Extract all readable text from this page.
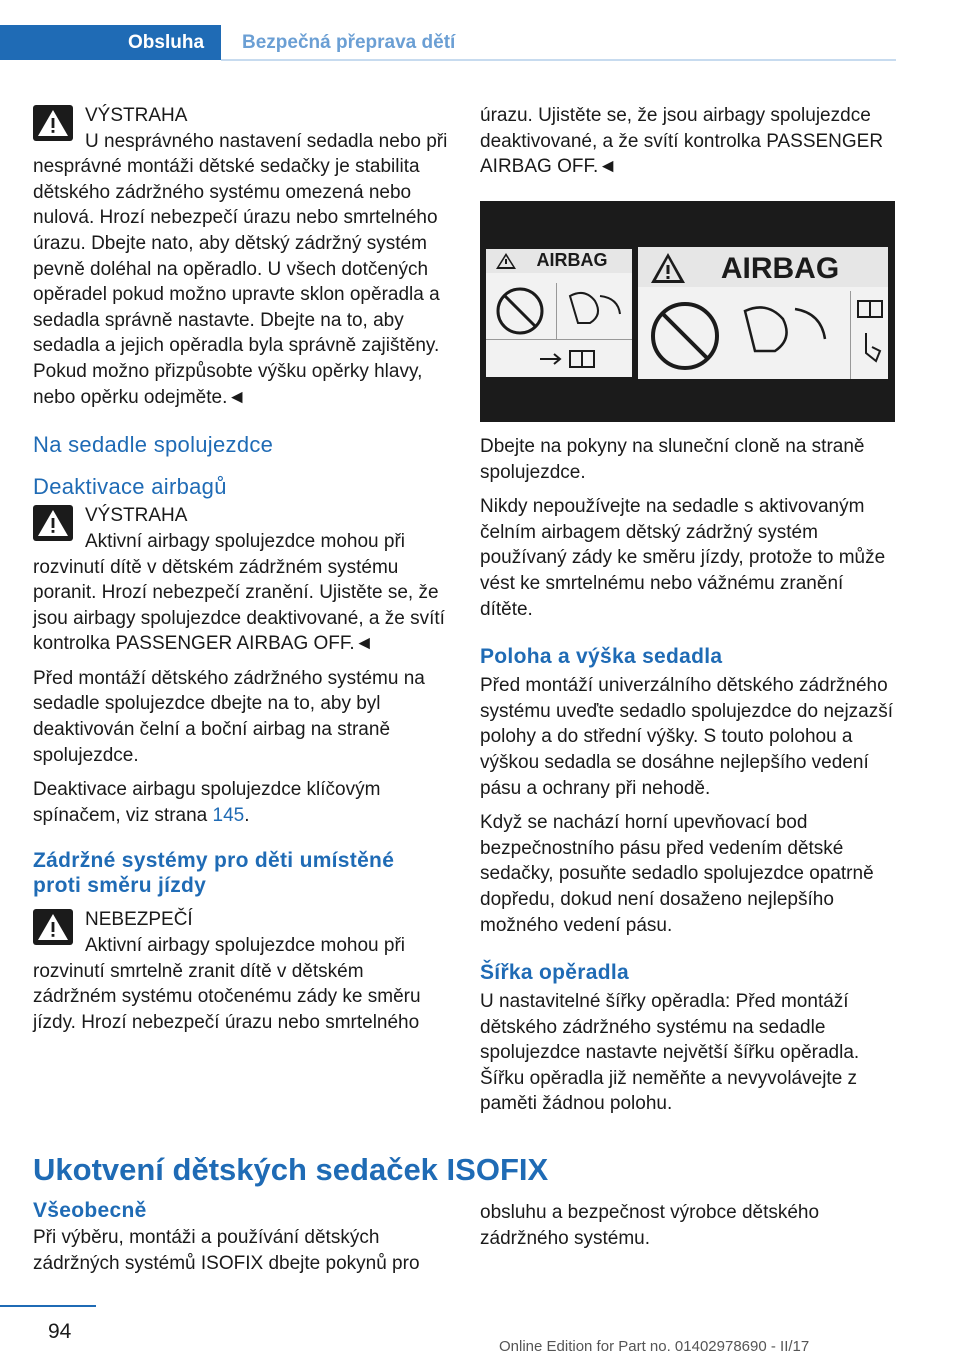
Obsluha	Bezpečná přeprava dětí
VÝSTRAHA
U nesprávného nastavení sedadla nebo při nesprávné montáži dětské sedačky je stabilita dětského zádržného systému omezená nebo nulová. Hrozí nebezpečí úrazu nebo smrtelného úrazu. Dbejte nato, aby dětský zádržný systém pevně doléhal na opěradlo. U všech dotčených opěradel pokud možno upravte sklon opěradla a sedadla správně nastavte. Dbejte na to, aby sedadla a jejich opěradla byla správně zajištěny. Pokud možno přizpůsobte výšku opěrky hlavy, nebo opěrku odejměte.◄
Na sedadle spolujezdce
Deaktivace airbagů
VÝSTRAHA
Aktivní airbagy spolujezdce mohou při rozvinutí dítě v dětském zádržném systému poranit. Hrozí nebezpečí zranění. Ujistěte se, že jsou airbagy spolujezdce deaktivované, a že svítí kontrolka PASSENGER AIRBAG OFF.◄

Před montáží dětského zádržného systému na sedadle spolujezdce dbejte na to, aby byl deaktivován čelní a boční airbag na straně spolujezdce.

Deaktivace airbagu spolujezdce klíčovým spínačem, viz strana 145.

Zádržné systémy pro děti umístěné proti směru jízdy
NEBEZPEČÍ
Aktivní airbagy spolujezdce mohou při rozvinutí smrtelně zranit dítě v dětském zádržném systému otočenému zády ke směru jízdy. Hrozí nebezpečí úrazu nebo smrtelného

úrazu. Ujistěte se, že jsou airbagy spolujezdce deaktivované, a že svítí kontrolka PASSENGER AIRBAG OFF.◄

AIRBAG	AIRBAG

Dbejte na pokyny na sluneční cloně na straně spolujezdce.

Nikdy nepoužívejte na sedadle s aktivovaným čelním airbagem dětský zádržný systém používaný zády ke směru jízdy, protože to může vést ke smrtelnému nebo vážnému zranění dítěte.

Poloha a výška sedadla

Před montáží univerzálního dětského zádržného systému uveďte sedadlo spolujezdce do nejzazší polohy a do střední výšky. S touto polohou a výškou sedadla se dosáhne nejlepšího vedení pásu a ochrany při nehodě.

Když se nachází horní upevňovací bod bezpečnostního pásu před vedením dětské sedačky, posuňte sedadlo spolujezdce opatrně dopředu, dokud není dosaženo nejlepšího možného vedení pásu.

Šířka opěradla

U nastavitelné šířky opěradla: Před montáží dětského zádržného systému na sedadle spolujezdce nastavte největší šířku opěradla. Šířku opěradla již neměňte a nevyvolávejte z paměti žádnou polohu.

Ukotvení dětských sedaček ISOFIX
Všeobecně

Při výběru, montáži a používání dětských zádržných systémů ISOFIX dbejte pokynů pro

obsluhu a bezpečnost výrobce dětského zádržného systému.

94
Online Edition for Part no. 01402978690 - II/17
